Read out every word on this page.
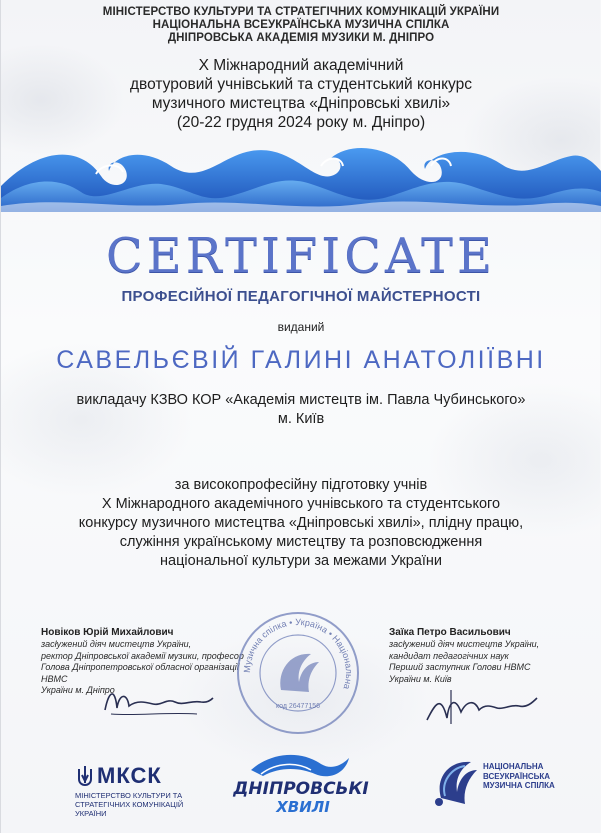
МІНІСТЕРСТВО КУЛЬТУРИ ТА СТРАТЕГІЧНИХ КОМУНІКАЦІЙ УКРАЇНИ
НАЦІОНАЛЬНА ВСЕУКРАЇНСЬКА МУЗИЧНА СПІЛКА
ДНІПРОВСЬКА АКАДЕМІЯ МУЗИКИ М. ДНІПРО
Х Міжнародний академічний
двотуровий учнівський та студентський конкурс
музичного мистецтва «Дніпровські хвилі»
(20-22 грудня 2024 року м. Дніпро)
CERTIFICATE
ПРОФЕСІЙНОЇ ПЕДАГОГІЧНОЇ МАЙСТЕРНОСТІ
виданий
САВЕЛЬЄВІЙ ГАЛИНІ АНАТОЛІЇВНІ
викладачу КЗВО КОР «Академія мистецтв ім. Павла Чубинського»
м. Київ
за високопрофесійну підготовку учнів
Х Міжнародного академічного учнівського та студентського
конкурсу музичного мистецтва «Дніпровські хвилі», плідну працю,
служіння українському мистецтву та розповсюдження
національної культури за межами України
Новіков Юрій Михайлович
засłужений діяч мистецтв України,
ректор Дніпровської академії музики, професор
Голова Дніпропетровської обласної організації НВМС
України м. Дніпро
Заїка Петро Васильович
засłужений діяч мистецтв України,
кандидат педагогічних наук
Перший заступник Голови НВМС
України м. Київ
Музична спілка • Україна • Національна
код 26477156
МКСК
МІНІСТЕРСТВО КУЛЬТУРИ ТА
СТРАТЕГІЧНИХ КОМУНІКАЦІЙ УКРАЇНИ
ДНІПРОВСЬКІ
ХВИЛІ
НАЦІОНАЛЬНА
ВСЕУКРАЇНСЬКА
МУЗИЧНА СПІЛКА
